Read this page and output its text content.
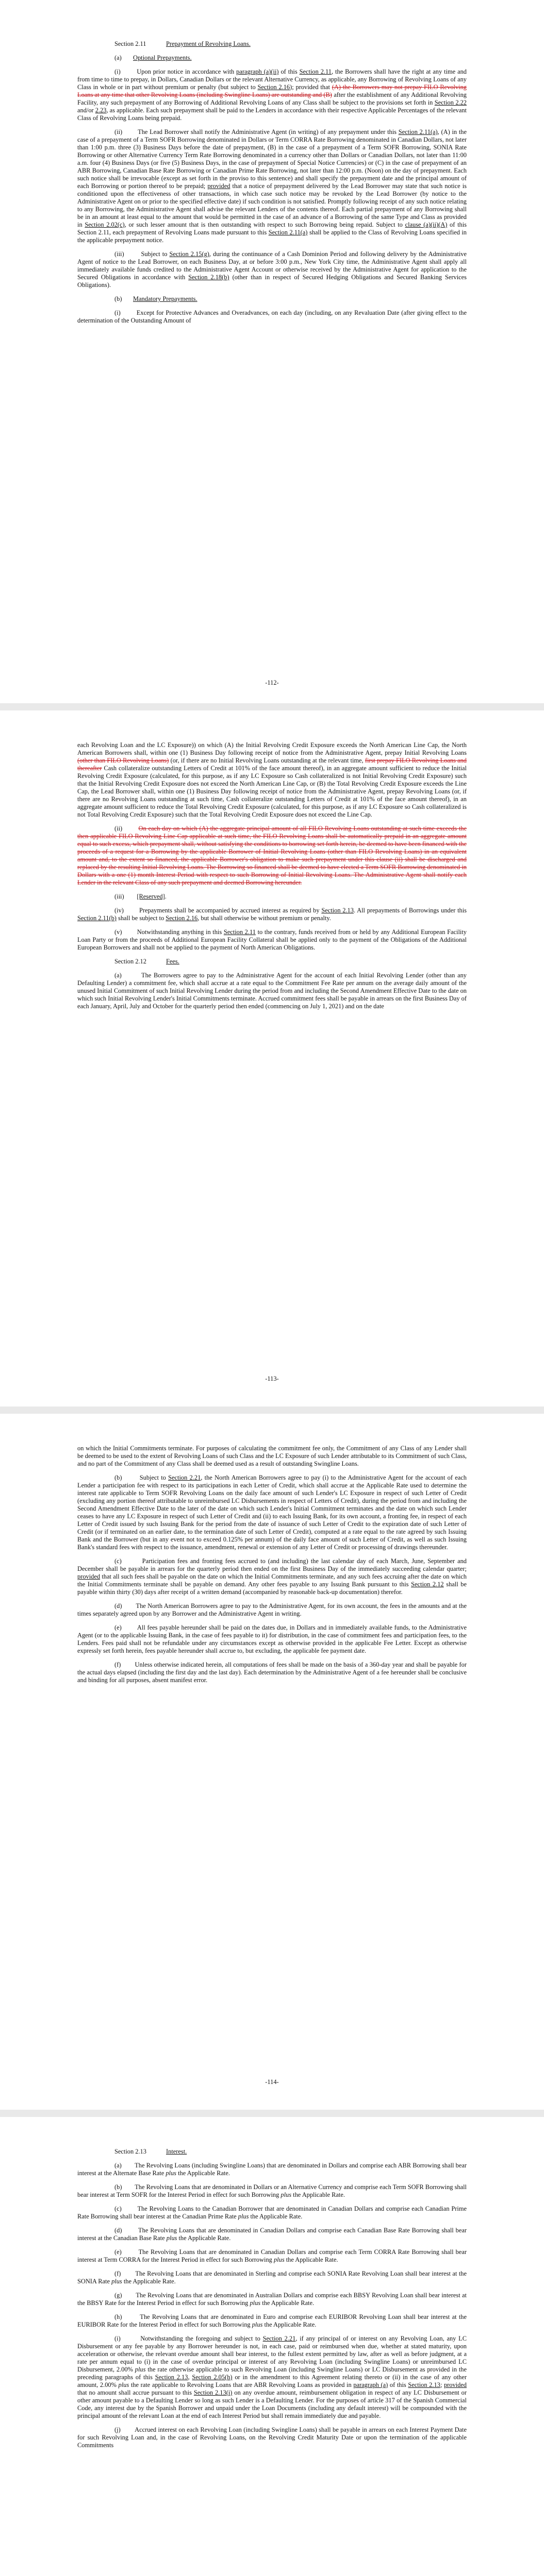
Section 2.11	Prepayment of Revolving Loans.

(a) Optional Prepayments.

(i)        Upon prior notice in accordance with paragraph (a)(ii) of this Section 2.11, the Borrowers shall have the right at any time and from time to time to prepay, in Dollars, Canadian Dollars or the relevant Alternative Currency, as applicable, any Borrowing of Revolving Loans of any Class in whole or in part without premium or penalty (but subject to Section 2.16); provided that (A) the Borrowers may not prepay FILO Revolving Loans at any time that other Revolving Loans (including Swingline Loans) are outstanding and (B) after the establishment of any Additional Revolving Facility, any such prepayment of any Borrowing of Additional Revolving Loans of any Class shall be subject to the provisions set forth in Section 2.22 and/or 2.23, as applicable. Each such prepayment shall be paid to the Lenders in accordance with their respective Applicable Percentages of the relevant Class of Revolving Loans being prepaid.

(ii)        The Lead Borrower shall notify the Administrative Agent (in writing) of any prepayment under this Section 2.11(a), (A) in the case of a prepayment of a Term SOFR Borrowing denominated in Dollars or Term CORRA Rate Borrowing denominated in Canadian Dollars, not later than 1:00 p.m. three (3) Business Days before the date of prepayment, (B) in the case of a prepayment of a Term SOFR Borrowing, SONIA Rate Borrowing or other Alternative Currency Term Rate Borrowing denominated in a currency other than Dollars or Canadian Dollars, not later than 11:00 a.m. four (4) Business Days (or five (5) Business Days, in the case of prepayment of Special Notice Currencies) or (C) in the case of prepayment of an ABR Borrowing, Canadian Base Rate Borrowing or Canadian Prime Rate Borrowing, not later than 12:00 p.m. (Noon) on the day of prepayment. Each such notice shall be irrevocable (except as set forth in the proviso to this sentence) and shall specify the prepayment date and the principal amount of each Borrowing or portion thereof to be prepaid; provided that a notice of prepayment delivered by the Lead Borrower may state that such notice is conditioned upon the effectiveness of other transactions, in which case such notice may be revoked by the Lead Borrower (by notice to the Administrative Agent on or prior to the specified effective date) if such condition is not satisfied. Promptly following receipt of any such notice relating to any Borrowing, the Administrative Agent shall advise the relevant Lenders of the contents thereof. Each partial prepayment of any Borrowing shall be in an amount at least equal to the amount that would be permitted in the case of an advance of a Borrowing of the same Type and Class as provided in Section 2.02(c), or such lesser amount that is then outstanding with respect to such Borrowing being repaid. Subject to clause (a)(ii)(A) of this Section 2.11, each prepayment of Revolving Loans made pursuant to this Section 2.11(a) shall be applied to the Class of Revolving Loans specified in the applicable prepayment notice.

(iii)        Subject to Section 2.15(g), during the continuance of a Cash Dominion Period and following delivery by the Administrative Agent of notice to the Lead Borrower, on each Business Day, at or before 3:00 p.m., New York City time, the Administrative Agent shall apply all immediately available funds credited to the Administrative Agent Account or otherwise received by the Administrative Agent for application to the Secured Obligations in accordance with Section 2.18(b) (other than in respect of Secured Hedging Obligations and Secured Banking Services Obligations).

(b) Mandatory Prepayments.

(i)        Except for Protective Advances and Overadvances, on each day (including, on any Revaluation Date (after giving effect to the determination of the Outstanding Amount of

-112-

each Revolving Loan and the LC Exposure)) on which (A) the Initial Revolving Credit Exposure exceeds the North American Line Cap, the North American Borrowers shall, within one (1) Business Day following receipt of notice from the Administrative Agent, prepay Initial Revolving Loans (other than FILO Revolving Loans) (or, if there are no Initial Revolving Loans outstanding at the relevant time, first prepay FILO Revolving Loans and thereafter Cash collateralize outstanding Letters of Credit at 101% of the face amount thereof), in an aggregate amount sufficient to reduce the Initial Revolving Credit Exposure (calculated, for this purpose, as if any LC Exposure so Cash collateralized is not Initial Revolving Credit Exposure) such that the Initial Revolving Credit Exposure does not exceed the North American Line Cap, or (B) the Total Revolving Credit Exposure exceeds the Line Cap, the Lead Borrower shall, within one (1) Business Day following receipt of notice from the Administrative Agent, prepay Revolving Loans (or, if there are no Revolving Loans outstanding at such time, Cash collateralize outstanding Letters of Credit at 101% of the face amount thereof), in an aggregate amount sufficient to reduce the Total Revolving Credit Exposure (calculated, for this purpose, as if any LC Exposure so Cash collateralized is not Total Revolving Credit Exposure) such that the Total Revolving Credit Exposure does not exceed the Line Cap.

(ii)        On each day on which (A) the aggregate principal amount of all FILO Revolving Loans outstanding at such time exceeds the then applicable FILO Revolving Line Cap applicable at such time, the FILO Revolving Loans shall be automatically prepaid in an aggregate amount equal to such excess, which prepayment shall, without satisfying the conditions to borrowing set forth herein, be deemed to have been financed with the proceeds of a request for a Borrowing by the applicable Borrower of Initial Revolving Loans (other than FILO Revolving Loans) in an equivalent amount and, to the extent so financed, the applicable Borrower's obligation to make such prepayment under this clause (ii) shall be discharged and replaced by the resulting Initial Revolving Loans. The Borrowing so financed shall be deemed to have elected a Term SOFR Borrowing denominated in Dollars with a one (1) month Interest Period with respect to such Borrowing of Initial Revolving Loans. The Administrative Agent shall notify each Lender in the relevant Class of any such prepayment and deemed Borrowing hereunder.

(iii)        [Reserved].

(iv)        Prepayments shall be accompanied by accrued interest as required by Section 2.13. All prepayments of Borrowings under this Section 2.11(b) shall be subject to Section 2.16, but shall otherwise be without premium or penalty.

(v)        Notwithstanding anything in this Section 2.11 to the contrary, funds received from or held by any Additional European Facility Loan Party or from the proceeds of Additional European Facility Collateral shall be applied only to the payment of the Obligations of the Additional European Borrowers and shall not be applied to the payment of North American Obligations.

Section 2.12	Fees.

(a)        The Borrowers agree to pay to the Administrative Agent for the account of each Initial Revolving Lender (other than any Defaulting Lender) a commitment fee, which shall accrue at a rate equal to the Commitment Fee Rate per annum on the average daily amount of the unused Initial Commitment of such Initial Revolving Lender during the period from and including the Second Amendment Effective Date to the date on which such Initial Revolving Lender's Initial Commitments terminate. Accrued commitment fees shall be payable in arrears on the first Business Day of each January, April, July and October for the quarterly period then ended (commencing on July 1, 2021) and on the date

-113-

on which the Initial Commitments terminate. For purposes of calculating the commitment fee only, the Commitment of any Class of any Lender shall be deemed to be used to the extent of Revolving Loans of such Class and the LC Exposure of such Lender attributable to its Commitment of such Class, and no part of the Commitment of any Class shall be deemed used as a result of outstanding Swingline Loans.

(b)        Subject to Section 2.21, the North American Borrowers agree to pay (i) to the Administrative Agent for the account of each Lender a participation fee with respect to its participations in each Letter of Credit, which shall accrue at the Applicable Rate used to determine the interest rate applicable to Term SOFR Revolving Loans on the daily face amount of such Lender's LC Exposure in respect of such Letter of Credit (excluding any portion thereof attributable to unreimbursed LC Disbursements in respect of Letters of Credit), during the period from and including the Second Amendment Effective Date to the later of the date on which such Lender's Initial Commitment terminates and the date on which such Lender ceases to have any LC Exposure in respect of such Letter of Credit and (ii) to each Issuing Bank, for its own account, a fronting fee, in respect of each Letter of Credit issued by such Issuing Bank for the period from the date of issuance of such Letter of Credit to the expiration date of such Letter of Credit (or if terminated on an earlier date, to the termination date of such Letter of Credit), computed at a rate equal to the rate agreed by such Issuing Bank and the Borrower (but in any event not to exceed 0.125% per annum) of the daily face amount of such Letter of Credit, as well as such Issuing Bank's standard fees with respect to the issuance, amendment, renewal or extension of any Letter of Credit or processing of drawings thereunder.

(c)        Participation fees and fronting fees accrued to (and including) the last calendar day of each March, June, September and December shall be payable in arrears for the quarterly period then ended on the first Business Day of the immediately succeeding calendar quarter; provided that all such fees shall be payable on the date on which the Initial Commitments terminate, and any such fees accruing after the date on which the Initial Commitments terminate shall be payable on demand. Any other fees payable to any Issuing Bank pursuant to this Section 2.12 shall be payable within thirty (30) days after receipt of a written demand (accompanied by reasonable back-up documentation) therefor.

(d)        The North American Borrowers agree to pay to the Administrative Agent, for its own account, the fees in the amounts and at the times separately agreed upon by any Borrower and the Administrative Agent in writing.

(e)        All fees payable hereunder shall be paid on the dates due, in Dollars and in immediately available funds, to the Administrative Agent (or to the applicable Issuing Bank, in the case of fees payable to it) for distribution, in the case of commitment fees and participation fees, to the Lenders. Fees paid shall not be refundable under any circumstances except as otherwise provided in the applicable Fee Letter. Except as otherwise expressly set forth herein, fees payable hereunder shall accrue to, but excluding, the applicable fee payment date.

(f)        Unless otherwise indicated herein, all computations of fees shall be made on the basis of a 360-day year and shall be payable for the actual days elapsed (including the first day and the last day). Each determination by the Administrative Agent of a fee hereunder shall be conclusive and binding for all purposes, absent manifest error.

-114-

Section 2.13	Interest.

(a)        The Revolving Loans (including Swingline Loans) that are denominated in Dollars and comprise each ABR Borrowing shall bear interest at the Alternate Base Rate plus the Applicable Rate.

(b)        The Revolving Loans that are denominated in Dollars or an Alternative Currency and comprise each Term SOFR Borrowing shall bear interest at Term SOFR for the Interest Period in effect for such Borrowing plus the Applicable Rate.

(c)        The Revolving Loans to the Canadian Borrower that are denominated in Canadian Dollars and comprise each Canadian Prime Rate Borrowing shall bear interest at the Canadian Prime Rate plus the Applicable Rate.

(d)        The Revolving Loans that are denominated in Canadian Dollars and comprise each Canadian Base Rate Borrowing shall bear interest at the Canadian Base Rate plus the Applicable Rate.

(e)        The Revolving Loans that are denominated in Canadian Dollars and comprise each Term CORRA Rate Borrowing shall bear interest at Term CORRA for the Interest Period in effect for such Borrowing plus the Applicable Rate.

(f)        The Revolving Loans that are denominated in Sterling and comprise each SONIA Rate Revolving Loan shall bear interest at the SONIA Rate plus the Applicable Rate.

(g)        The Revolving Loans that are denominated in Australian Dollars and comprise each BBSY Revolving Loan shall bear interest at the BBSY Rate for the Interest Period in effect for such Borrowing plus the Applicable Rate.

(h)        The Revolving Loans that are denominated in Euro and comprise each EURIBOR Revolving Loan shall bear interest at the EURIBOR Rate for the Interest Period in effect for such Borrowing plus the Applicable Rate.

(i)        Notwithstanding the foregoing and subject to Section 2.21, if any principal of or interest on any Revolving Loan, any LC Disbursement or any fee payable by any Borrower hereunder is not, in each case, paid or reimbursed when due, whether at stated maturity, upon acceleration or otherwise, the relevant overdue amount shall bear interest, to the fullest extent permitted by law, after as well as before judgment, at a rate per annum equal to (i) in the case of overdue principal or interest of any Revolving Loan (including Swingline Loans) or unreimbursed LC Disbursement, 2.00% plus the rate otherwise applicable to such Revolving Loan (including Swingline Loans) or LC Disbursement as provided in the preceding paragraphs of this Section 2.13, Section 2.05(h) or in the amendment to this Agreement relating thereto or (ii) in the case of any other amount, 2.00% plus the rate applicable to Revolving Loans that are ABR Revolving Loans as provided in paragraph (a) of this Section 2.13; provided that no amount shall accrue pursuant to this Section 2.13(i) on any overdue amount, reimbursement obligation in respect of any LC Disbursement or other amount payable to a Defaulting Lender so long as such Lender is a Defaulting Lender. For the purposes of article 317 of the Spanish Commercial Code, any interest due by the Spanish Borrower and unpaid under the Loan Documents (including any default interest) will be compounded with the principal amount of the relevant Loan at the end of each Interest Period but shall remain immediately due and payable.

(j)        Accrued interest on each Revolving Loan (including Swingline Loans) shall be payable in arrears on each Interest Payment Date for such Revolving Loan and, in the case of Revolving Loans, on the Revolving Credit Maturity Date or upon the termination of the applicable Commitments
